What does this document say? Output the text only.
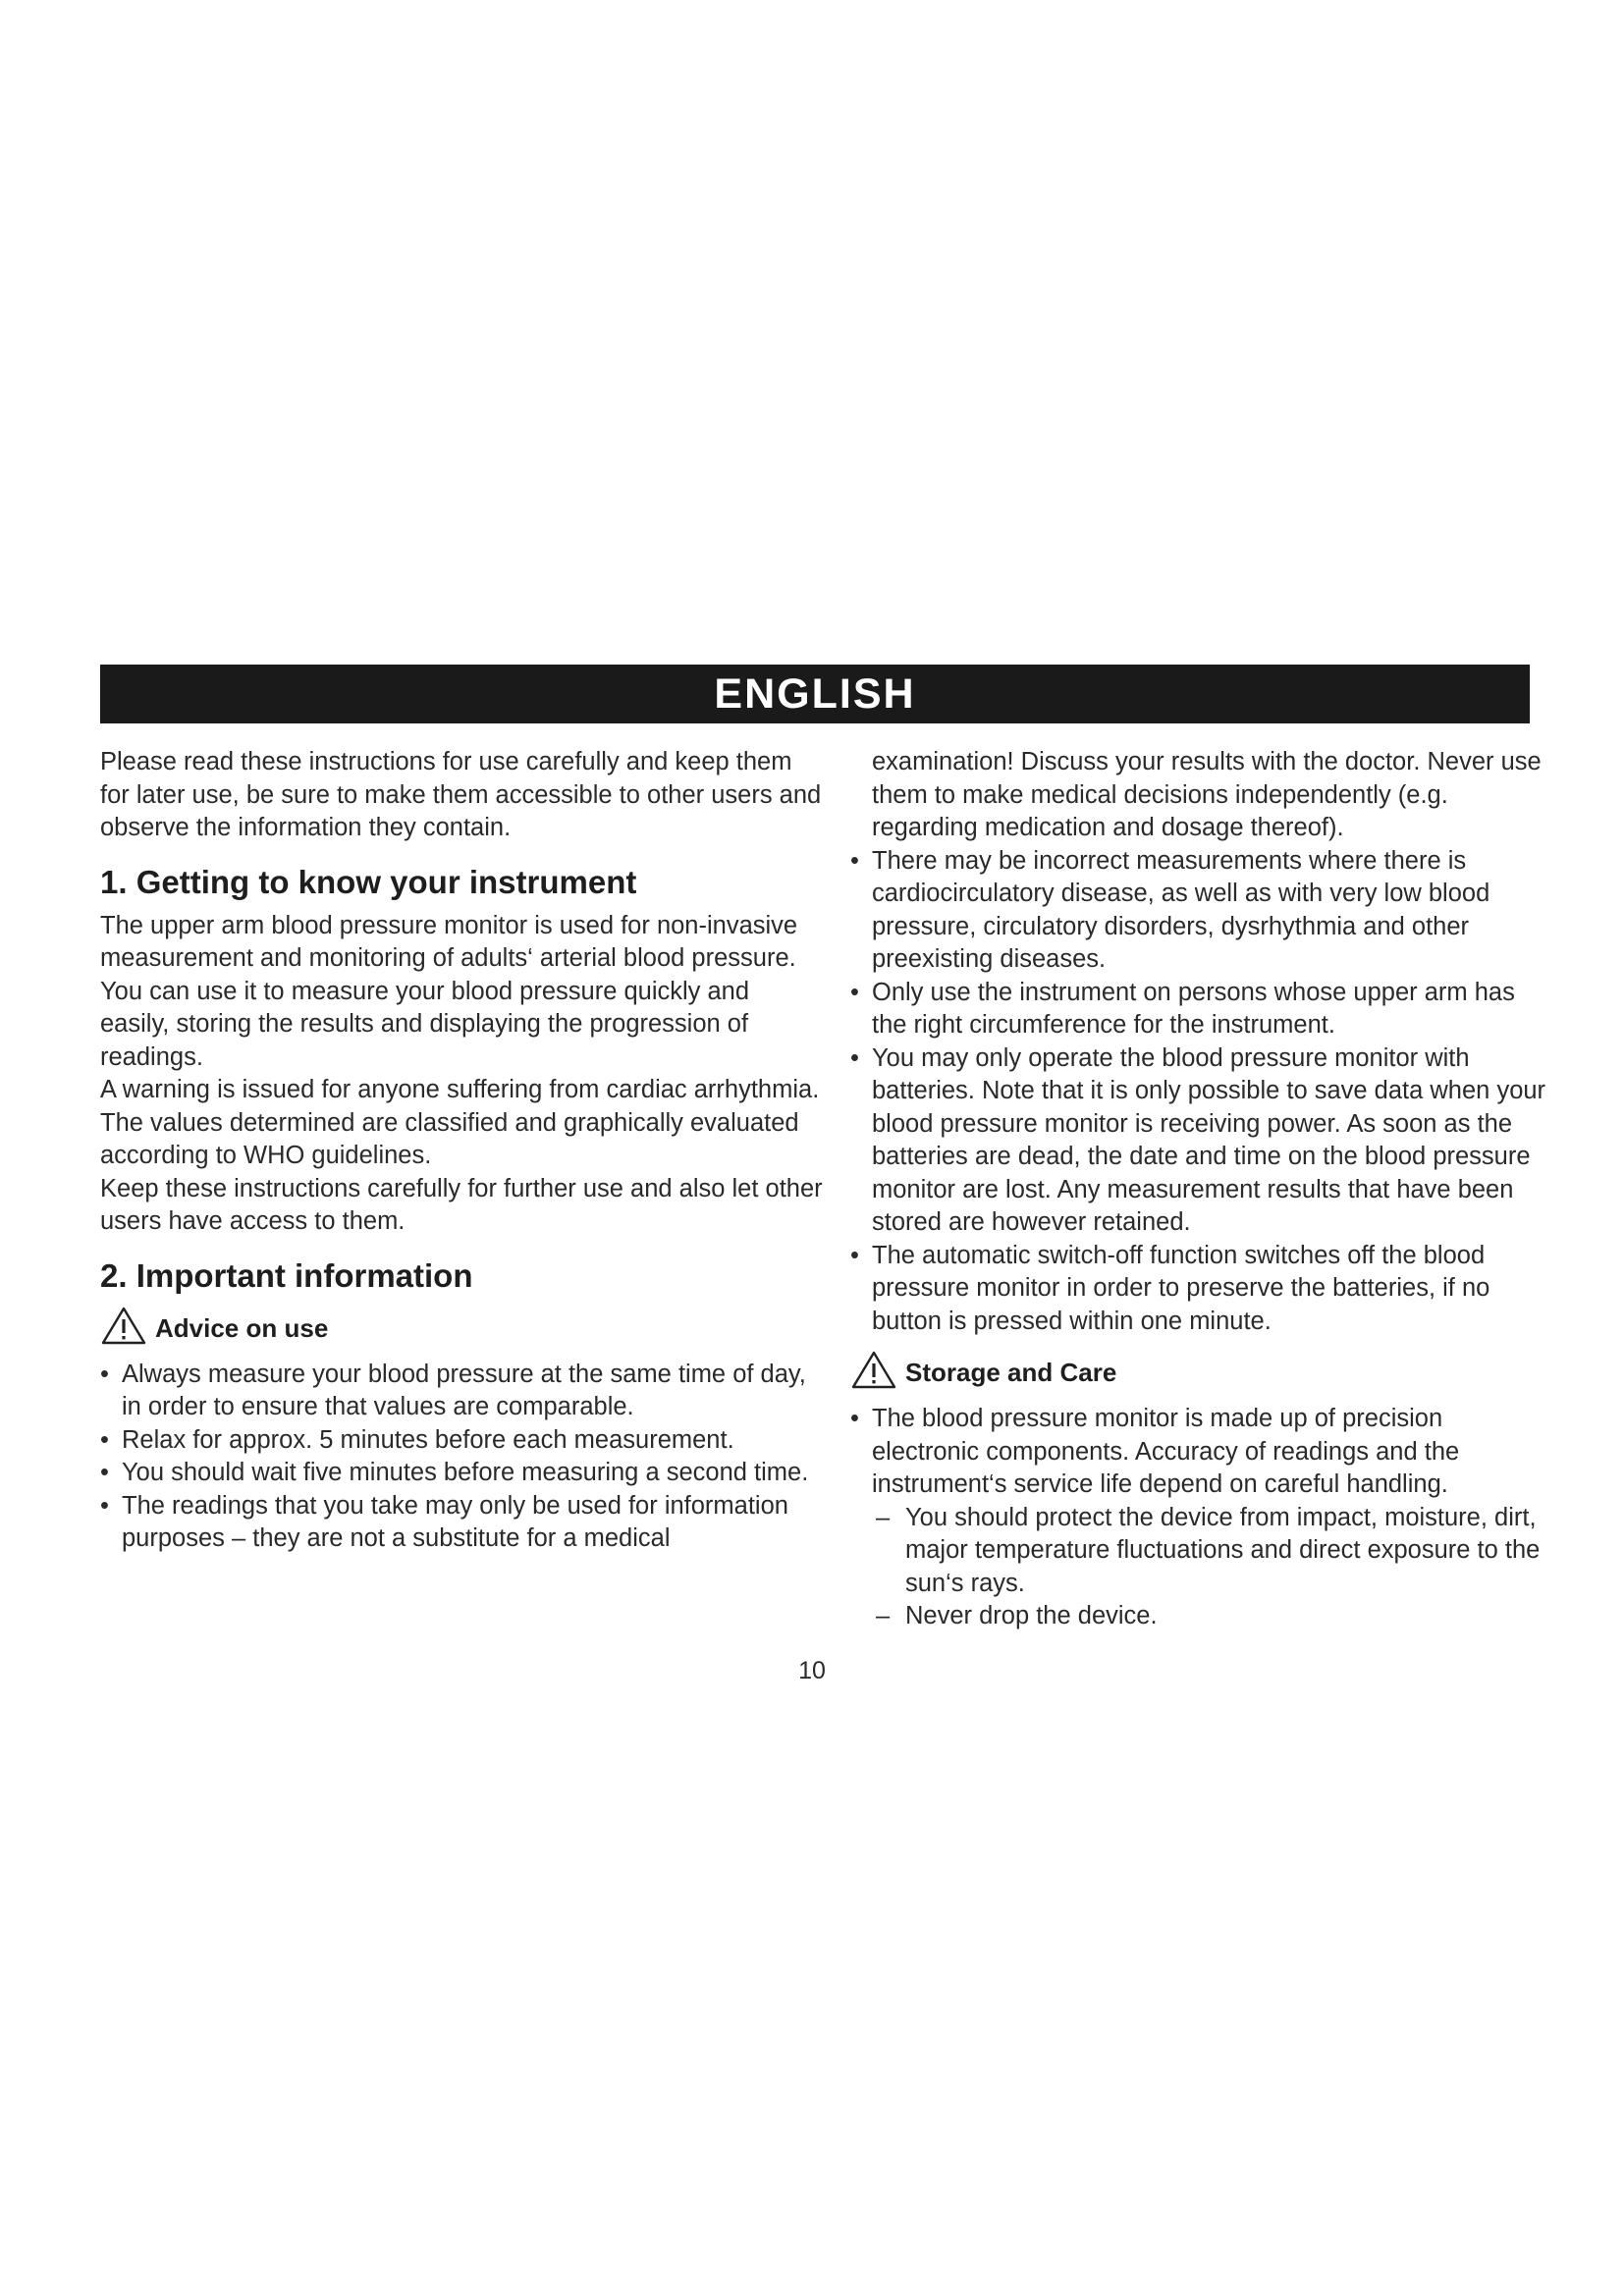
ENGLISH

Please read these instructions for use carefully and keep them for later use, be sure to make them accessible to other users and observe the information they contain.

1. Getting to know your instrument

The upper arm blood pressure monitor is used for non-invasive measurement and monitoring of adults‘ arterial blood pressure.

You can use it to measure your blood pressure quickly and easily, storing the results and displaying the progression of readings.

A warning is issued for anyone suffering from cardiac arrhythmia.

The values determined are classified and graphically evaluated according to WHO guidelines.

Keep these instructions carefully for further use and also let other users have access to them.

2. Important information
Advice on use
• Always measure your blood pressure at the same time of day, in order to ensure that values are comparable.
• Relax for approx. 5 minutes before each measurement.
• You should wait five minutes before measuring a second time.
• The readings that you take may only be used for information purposes – they are not a substitute for a medical

examination! Discuss your results with the doctor. Never use them to make medical decisions independently (e.g. regarding medication and dosage thereof).

• There may be incorrect measurements where there is cardiocirculatory disease, as well as with very low blood pressure, circulatory disorders, dysrhythmia and other preexisting diseases.
• Only use the instrument on persons whose upper arm has the right circumference for the instrument.
• You may only operate the blood pressure monitor with batteries. Note that it is only possible to save data when your blood pressure monitor is receiving power. As soon as the batteries are dead, the date and time on the blood pressure monitor are lost. Any measurement results that have been stored are however retained.
• The automatic switch-off function switches off the blood pressure monitor in order to preserve the batteries, if no button is pressed within one minute.
Storage and Care
• The blood pressure monitor is made up of precision electronic components. Accuracy of readings and the instrument‘s service life depend on careful handling.
– You should protect the device from impact, moisture, dirt, major temperature fluctuations and direct exposure to the sun‘s rays.
– Never drop the device.
10
